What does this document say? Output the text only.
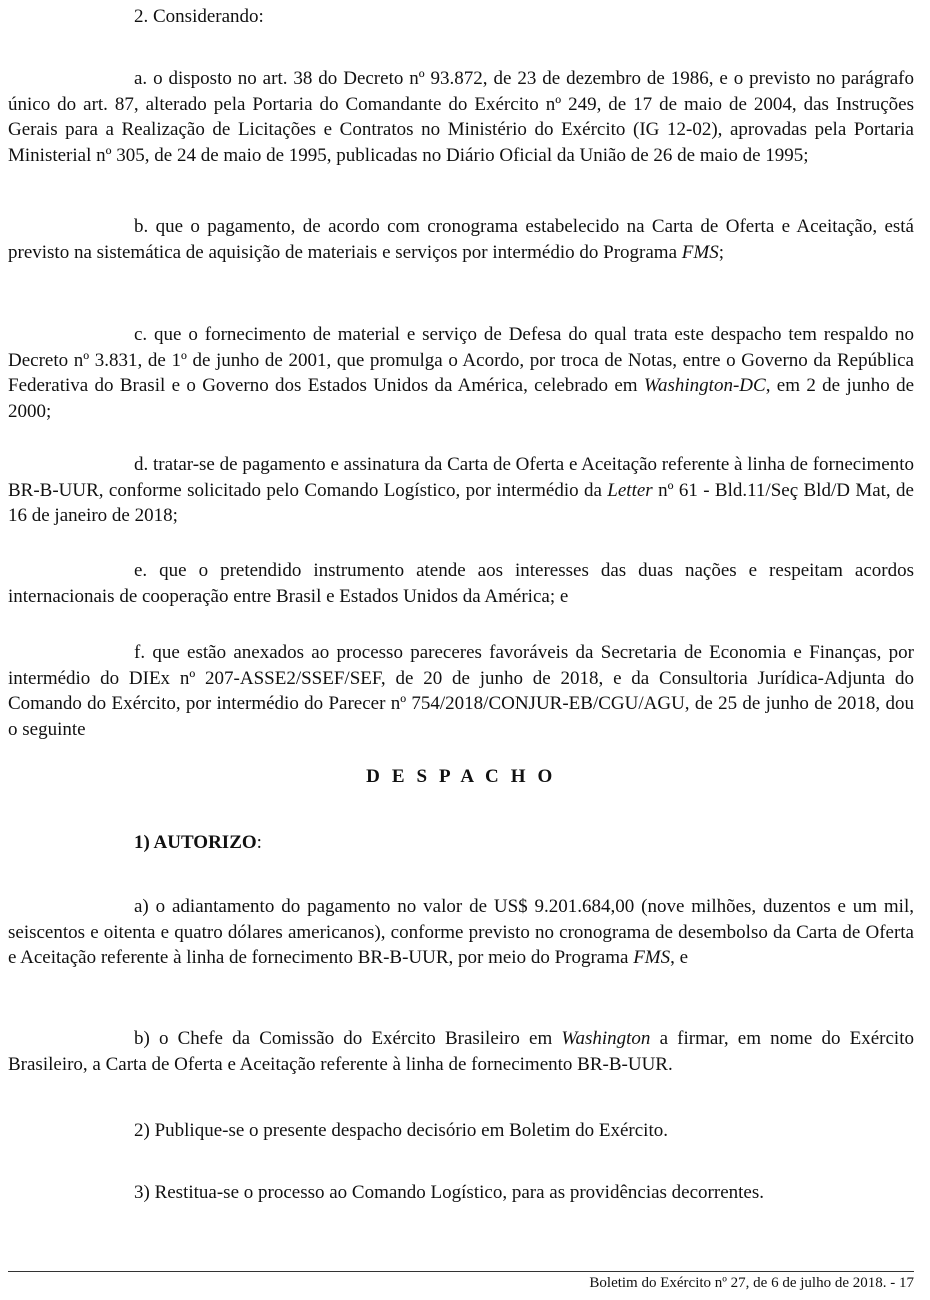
2. Considerando:

a. o disposto no art. 38 do Decreto nº 93.872, de 23 de dezembro de 1986, e o previsto no parágrafo único do art. 87, alterado pela Portaria do Comandante do Exército nº 249, de 17 de maio de 2004, das Instruções Gerais para a Realização de Licitações e Contratos no Ministério do Exército (IG 12-02), aprovadas pela Portaria Ministerial nº 305, de 24 de maio de 1995, publicadas no Diário Oficial da União de 26 de maio de 1995;

b. que o pagamento, de acordo com cronograma estabelecido na Carta de Oferta e Aceitação, está previsto na sistemática de aquisição de materiais e serviços por intermédio do Programa FMS;

c. que o fornecimento de material e serviço de Defesa do qual trata este despacho tem respaldo no Decreto nº 3.831, de 1º de junho de 2001, que promulga o Acordo, por troca de Notas, entre o Governo da República Federativa do Brasil e o Governo dos Estados Unidos da América, celebrado em Washington-DC, em 2 de junho de 2000;

d. tratar-se de pagamento e assinatura da Carta de Oferta e Aceitação referente à linha de fornecimento BR-B-UUR, conforme solicitado pelo Comando Logístico, por intermédio da Letter nº 61 - Bld.11/Seç Bld/D Mat, de 16 de janeiro de 2018;

e. que o pretendido instrumento atende aos interesses das duas nações e respeitam acordos internacionais de cooperação entre Brasil e Estados Unidos da América; e

f. que estão anexados ao processo pareceres favoráveis da Secretaria de Economia e Finanças, por intermédio do DIEx nº 207-ASSE2/SSEF/SEF, de 20 de junho de 2018, e da Consultoria Jurídica-Adjunta do Comando do Exército, por intermédio do Parecer nº 754/2018/CONJUR-EB/CGU/AGU, de 25 de junho de 2018, dou o seguinte

D E S P A C H O

1) AUTORIZO:

a) o adiantamento do pagamento no valor de US$ 9.201.684,00 (nove milhões, duzentos e um mil, seiscentos e oitenta e quatro dólares americanos), conforme previsto no cronograma de desembolso da Carta de Oferta e Aceitação referente à linha de fornecimento BR-B-UUR, por meio do Programa FMS, e

b) o Chefe da Comissão do Exército Brasileiro em Washington a firmar, em nome do Exército Brasileiro, a Carta de Oferta e Aceitação referente à linha de fornecimento BR-B-UUR.

2) Publique-se o presente despacho decisório em Boletim do Exército.

3) Restitua-se o processo ao Comando Logístico, para as providências decorrentes.

Boletim do Exército nº 27, de 6 de julho de 2018. - 17
